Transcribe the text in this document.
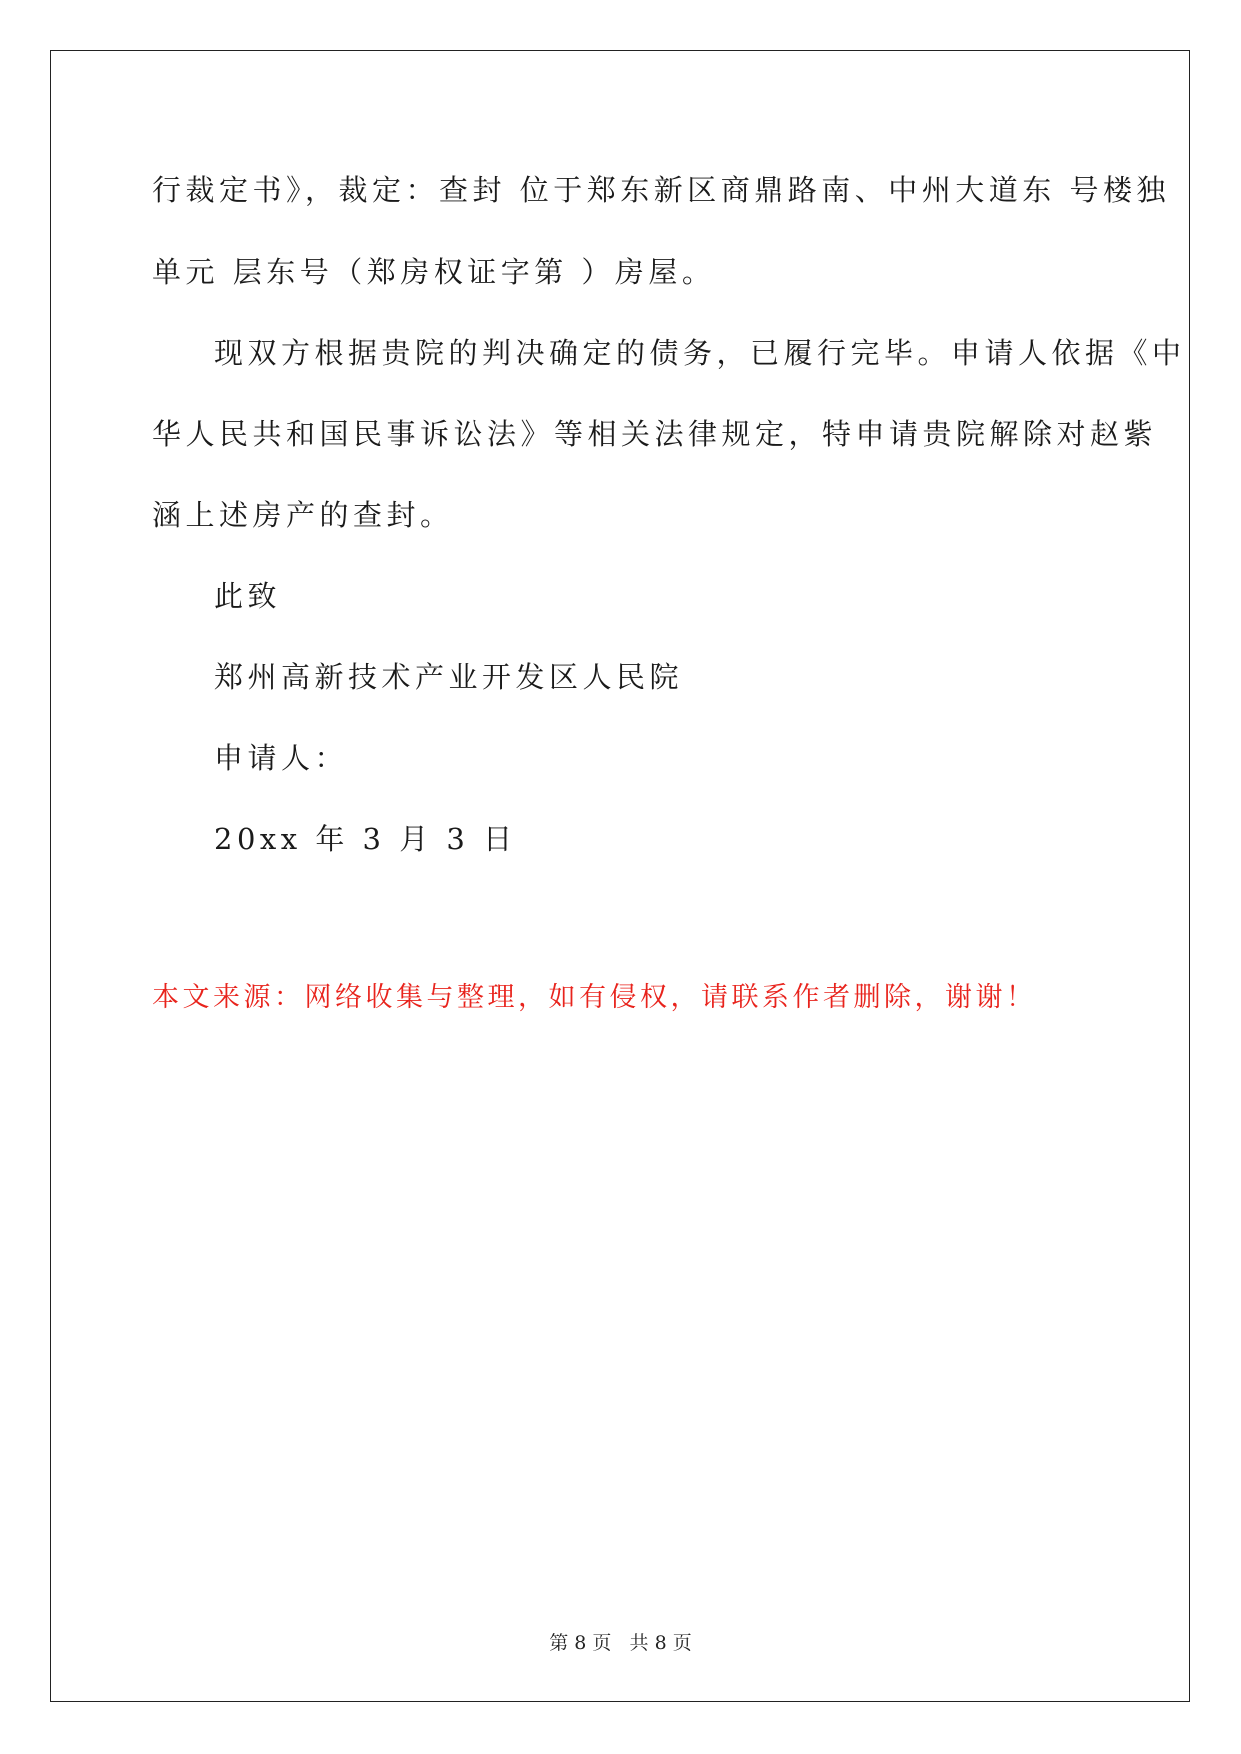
行裁定书》，裁定：查封 位于郑东新区商鼎路南、中州大道东 号楼独
单元 层东号（郑房权证字第 ）房屋。
现双方根据贵院的判决确定的债务，已履行完毕。申请人依据《中
华人民共和国民事诉讼法》等相关法律规定，特申请贵院解除对赵紫
涵上述房产的查封。
此致
郑州高新技术产业开发区人民院
申请人：
20xx 年 3 月 3 日
本文来源：网络收集与整理，如有侵权，请联系作者删除，谢谢！
第 8 页   共 8 页
